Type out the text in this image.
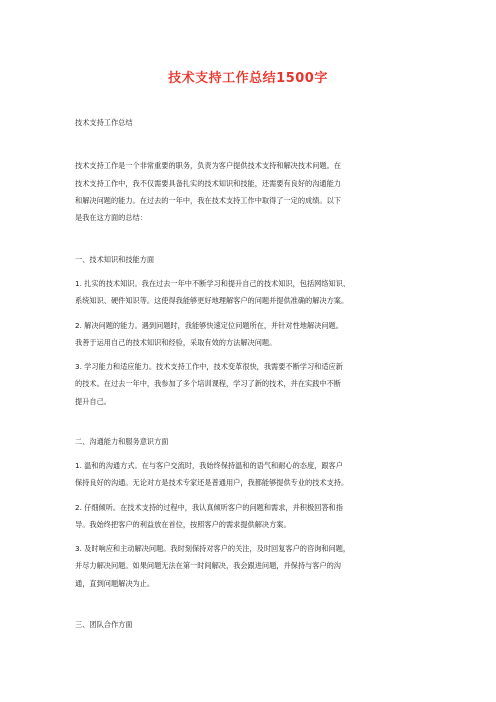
技术支持工作总结1500字
技术支持工作总结
技术支持工作是一个非常重要的职务，负责为客户提供技术支持和解决技术问题。在
技术支持工作中，我不仅需要具备扎实的技术知识和技能，还需要有良好的沟通能力
和解决问题的能力。在过去的一年中，我在技术支持工作中取得了一定的成绩。以下
是我在这方面的总结：
一、技术知识和技能方面
1. 扎实的技术知识。我在过去一年中不断学习和提升自己的技术知识，包括网络知识、
系统知识、硬件知识等。这使得我能够更好地理解客户的问题并提供准确的解决方案。
2. 解决问题的能力。遇到问题时，我能够快速定位问题所在，并针对性地解决问题。
我善于运用自己的技术知识和经验，采取有效的方法解决问题。
3. 学习能力和适应能力。技术支持工作中，技术变革很快，我需要不断学习和适应新
的技术。在过去一年中，我参加了多个培训课程，学习了新的技术，并在实践中不断
提升自己。
二、沟通能力和服务意识方面
1. 温和的沟通方式。在与客户交流时，我始终保持温和的语气和耐心的态度，跟客户
保持良好的沟通。无论对方是技术专家还是普通用户，我都能够提供专业的技术支持。
2. 仔细倾听。在技术支持的过程中，我认真倾听客户的问题和需求，并积极回答和指
导。我始终把客户的利益放在首位，按照客户的需求提供解决方案。
3. 及时响应和主动解决问题。我时刻保持对客户的关注，及时回复客户的咨询和问题，
并尽力解决问题。如果问题无法在第一时间解决，我会跟进问题，并保持与客户的沟
通，直到问题解决为止。
三、团队合作方面
